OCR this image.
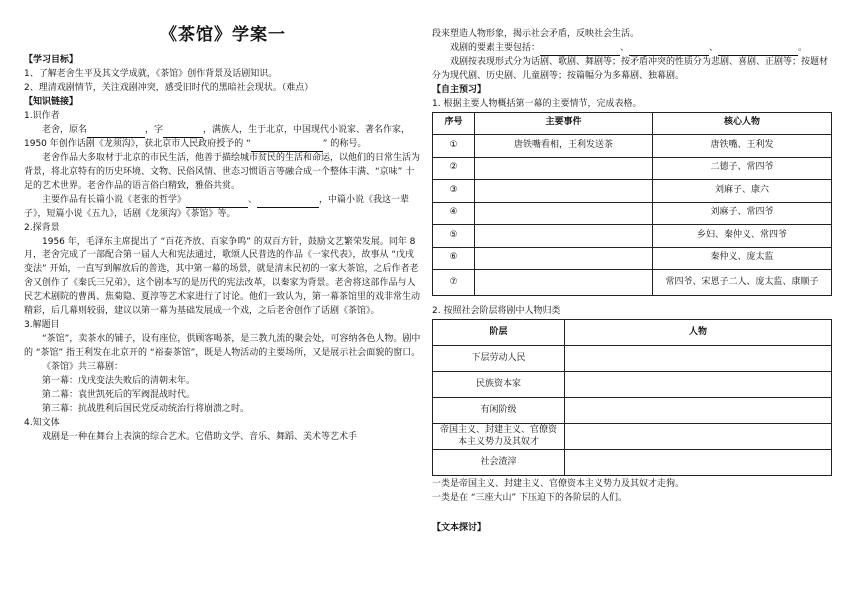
《茶馆》学案一

【学习目标】

1、了解老舍生平及其文学成就，《茶馆》创作背景及话剧知识。

2、理清戏剧情节，关注戏剧冲突，感受旧时代的黑暗社会现状。（难点）

【知识链接】

1.识作者

老舍，原名	，字	，满族人，生于北京，中国现代小说家、著名作家，1950 年创作话剧《龙须沟》，获北京市人民政府授予的 “	” 的称号。

老舍作品大多取材于北京的市民生活，他善于描绘城市贫民的生活和命运，以他们的日常生活为背景，将北京特有的历史环境、文物、民俗风情、世态习惯语言等融合成一个整体丰满、“京味” 十足的艺术世界。老舍作品的语言俗白精致，雅俗共赏。

主要作品有长篇小说《老张的哲学》	、	，中篇小说《我这一辈子》，短篇小说《五九》，话剧《龙须沟》《茶馆》等。

2.探背景

1956 年，毛泽东主席提出了 “百花齐放、百家争鸣” 的双百方针，鼓励文艺繁荣发展。同年 8 月，老舍完成了一部配合第一届人大和宪法通过，歌颂人民普选的作品《一家代表》，故事从 “戊戌变法” 开始，一直写到解放后的普选，其中第一幕的场景，就是清末民初的一家大茶馆，之后作者老舍又创作了《秦氏三兄弟》，这个剧本写的是历代的宪法改革，以秦家为背景。老舍将这部作品与人民艺术剧院的曹禺、焦菊隐、夏淳等艺术家进行了讨论。他们一致认为，第一幕茶馆里的戏非常生动精彩，后几幕则较弱，建议以第一幕为基础发展成一个戏，之后老舍创作了话剧《茶馆》。

3.解题目

“茶馆”，卖茶水的铺子，设有座位，供顾客喝茶，是三教九流的聚会处，可容纳各色人物。剧中的 “茶馆” 指王利发在北京开的 “裕泰茶馆”，既是人物活动的主要场所，又是展示社会面貌的窗口。

《茶馆》共三幕剧：

第一幕：戊戌变法失败后的清朝末年。

第二幕：袁世凯死后的军阀混战时代。

第三幕：抗战胜利后国民党反动统治行将崩溃之时。

4.知文体

戏剧是一种在舞台上表演的综合艺术。它借助文学、音乐、舞蹈、美术等艺术手

段来塑造人物形象，揭示社会矛盾，反映社会生活。

戏剧的要素主要包括：	、	、	。

戏剧按表现形式分为话剧、歌剧、舞剧等；按矛盾冲突的性质分为悲剧、喜剧、正剧等；按题材分为现代剧、历史剧、儿童剧等；按篇幅分为多幕剧、独幕剧。

【自主预习】

1. 根据主要人物概括第一幕的主要情节，完成表格。

序号	主要事件	核心人物
①	唐铁嘴看相，王利发送茶	唐铁嘴、王利发
②		二德子、常四爷
③		刘麻子、康六
④		刘麻子、常四爷
⑤		乡妇、秦仲义、常四爷
⑥		秦仲义、庞太监
⑦		常四爷、宋恩子二人、庞太监、康顺子

2. 按照社会阶层将剧中人物归类

阶层	人物
下层劳动人民	
民族资本家	
有闲阶级	
帝国主义、封建主义、官僚资本主义势力及其奴才	
社会渣滓	

一类是帝国主义、封建主义、官僚资本主义势力及其奴才走狗。

一类是在 “三座大山” 下压迫下的各阶层的人们。

【文本探讨】
